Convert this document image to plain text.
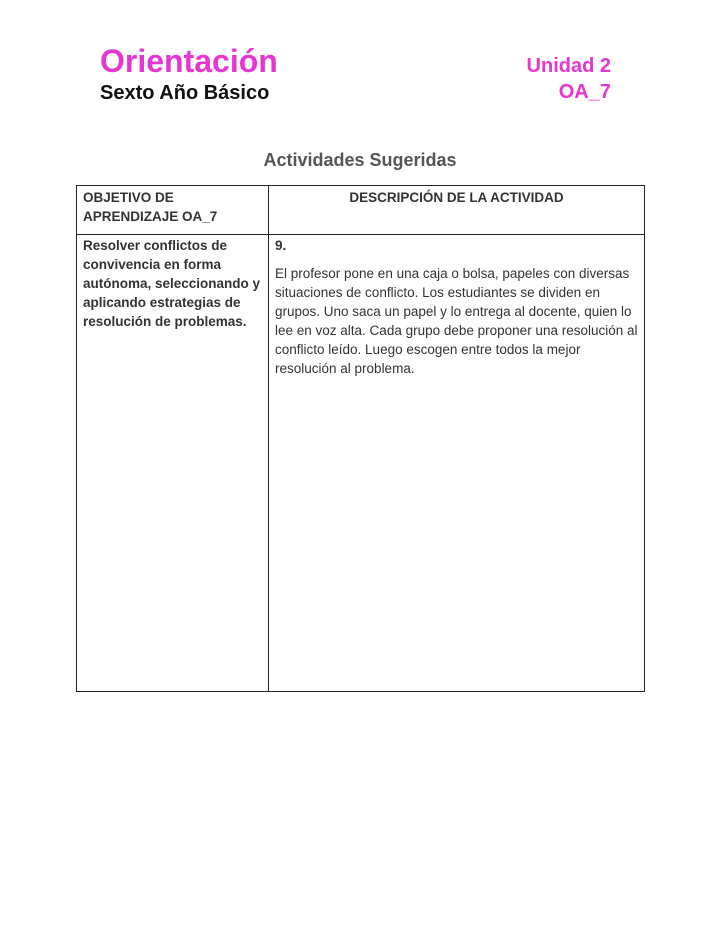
Orientación
Sexto Año Básico
Unidad 2
OA_7
Actividades Sugeridas
OBJETIVO DE APRENDIZAJE OA_7	DESCRIPCIÓN DE LA ACTIVIDAD
Resolver conflictos de convivencia en forma autónoma, seleccionando y aplicando estrategias de resolución de problemas.	9.
El profesor pone en una caja o bolsa, papeles con diversas situaciones de conflicto. Los estudiantes se dividen en grupos. Uno saca un papel y lo entrega al docente, quien lo lee en voz alta. Cada grupo debe proponer una resolución al conflicto leído. Luego escogen entre todos la mejor resolución al problema.
